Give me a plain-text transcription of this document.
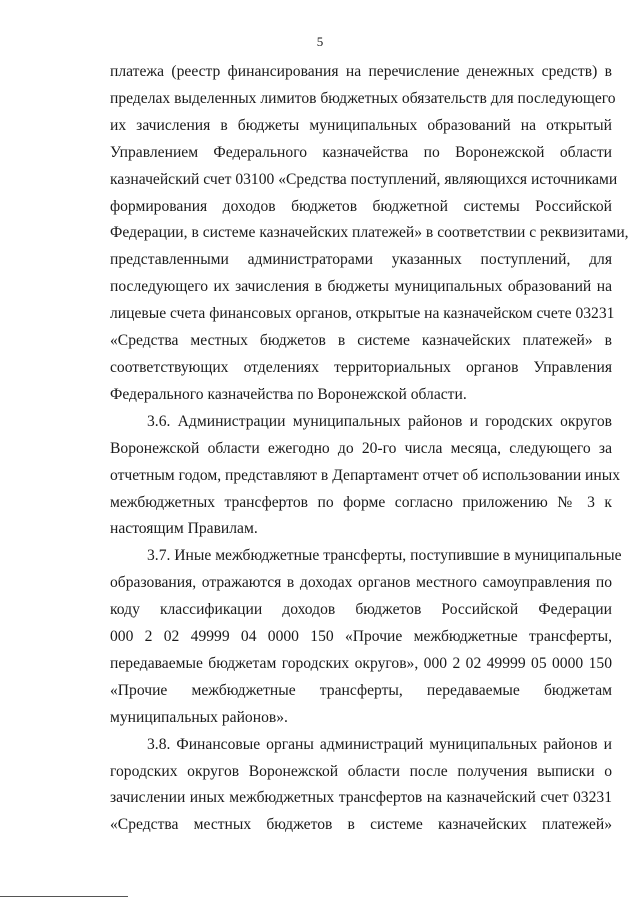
5
платежа (реестр финансирования на перечисление денежных средств) в
пределах выделенных лимитов бюджетных обязательств для последующего
их зачисления в бюджеты муниципальных образований на открытый
Управлением Федерального казначейства по Воронежской области
казначейский счет 03100 «Средства поступлений, являющихся источниками
формирования доходов бюджетов бюджетной системы Российской
Федерации, в системе казначейских платежей» в соответствии с реквизитами,
представленными администраторами указанных поступлений, для
последующего их зачисления в бюджеты муниципальных образований на
лицевые счета финансовых органов, открытые на казначейском счете 03231
«Средства местных бюджетов в системе казначейских платежей» в
соответствующих отделениях территориальных органов Управления
Федерального казначейства по Воронежской области.
3.6. Администрации муниципальных районов и городских округов
Воронежской области ежегодно до 20-го числа месяца, следующего за
отчетным годом, представляют в Департамент отчет об использовании иных
межбюджетных трансфертов по форме согласно приложению № 3 к
настоящим Правилам.
3.7. Иные межбюджетные трансферты, поступившие в муниципальные
образования, отражаются в доходах органов местного самоуправления по
коду классификации доходов бюджетов Российской Федерации
000 2 02 49999 04 0000 150 «Прочие межбюджетные трансферты,
передаваемые бюджетам городских округов», 000 2 02 49999 05 0000 150
«Прочие межбюджетные трансферты, передаваемые бюджетам
муниципальных районов».
3.8. Финансовые органы администраций муниципальных районов и
городских округов Воронежской области после получения выписки о
зачислении иных межбюджетных трансфертов на казначейский счет 03231
«Средства местных бюджетов в системе казначейских платежей»
